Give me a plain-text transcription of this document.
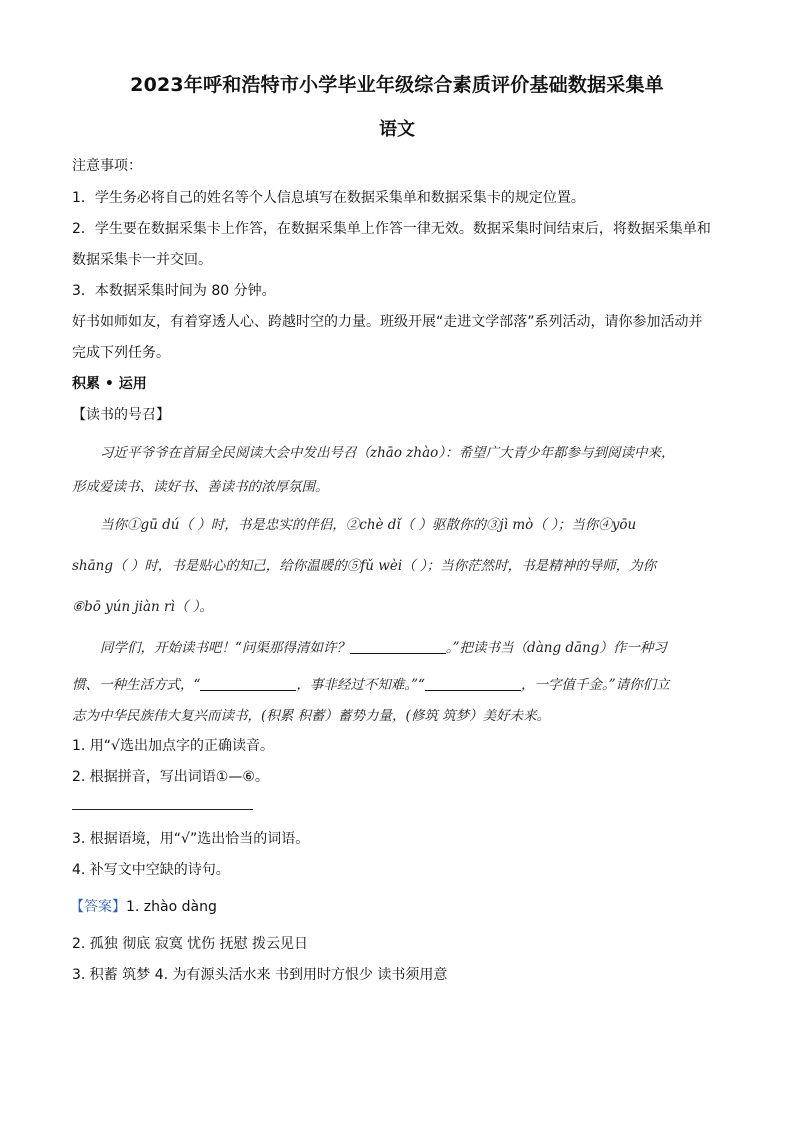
2023年呼和浩特市小学毕业年级综合素质评价基础数据采集单
语文
注意事项：
1．学生务必将自己的姓名等个人信息填写在数据采集单和数据采集卡的规定位置。
2．学生要在数据采集卡上作答，在数据采集单上作答一律无效。数据采集时间结束后，将数据采集单和
数据采集卡一并交回。
3．本数据采集时间为 80 分钟。
好书如师如友，有着穿透人心、跨越时空的力量。班级开展“走进文学部落”系列活动，请你参加活动并
完成下列任务。
积累 • 运用
【读书的号召】
习近平爷爷在首届全民阅读大会中发出号召（zhāo zhào）：希望广大青少年都参与到阅读中来，
形成爱读书、读好书、善读书的浓厚氛围。
当你①gū dú（ ）时，书是忠实的伴侣，②chè dǐ（ ）驱散你的③jì mò（ ）；当你④yōu
shāng（ ）时，书是贴心的知己，给你温暖的⑤fǔ wèi（ ）；当你茫然时，书是精神的导师，为你
⑥bō yún jiàn rì（ ）。
同学们，开始读书吧！“问渠那得清如许？	。”把读书当（dàng dāng）作一种习
惯、一种生活方式，“	，事非经过不知难。”“	，一字值千金。”请你们立
志为中华民族伟大复兴而读书，(积累 积蓄）蓄势力量，(修筑 筑梦）美好未来。
1. 用“√选出加点字的正确读音。
2. 根据拼音，写出词语①—⑥。
3. 根据语境，用“√”选出恰当的词语。
4. 补写文中空缺的诗句。
【答案】1. zhào dàng
2. 孤独 彻底 寂寞 忧伤 抚慰 拨云见日
3. 积蓄 筑梦 4. 为有源头活水来 书到用时方恨少 读书须用意
